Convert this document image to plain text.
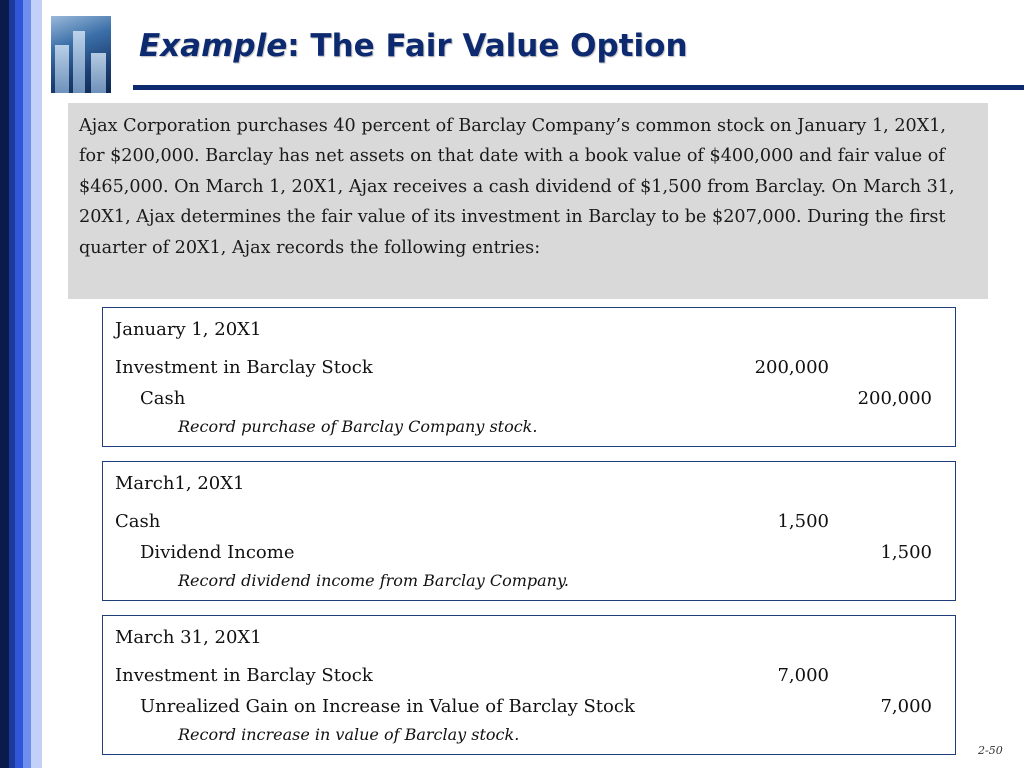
Example: The Fair Value Option
Ajax Corporation purchases 40 percent of Barclay Company’s common stock on January 1, 20X1, for $200,000. Barclay has net assets on that date with a book value of $400,000 and fair value of $465,000. On March 1, 20X1, Ajax receives a cash dividend of $1,500 from Barclay. On March 31, 20X1, Ajax determines the fair value of its investment in Barclay to be $207,000. During the first quarter of 20X1, Ajax records the following entries:
January 1, 20X1
Investment in Barclay Stock	200,000
Cash	200,000
Record purchase of Barclay Company stock.
March1, 20X1
Cash	1,500
Dividend Income	1,500
Record dividend income from Barclay Company.
March 31, 20X1
Investment in Barclay Stock	7,000
Unrealized Gain on Increase in Value of Barclay Stock	7,000
Record increase in value of Barclay stock.
2-50
